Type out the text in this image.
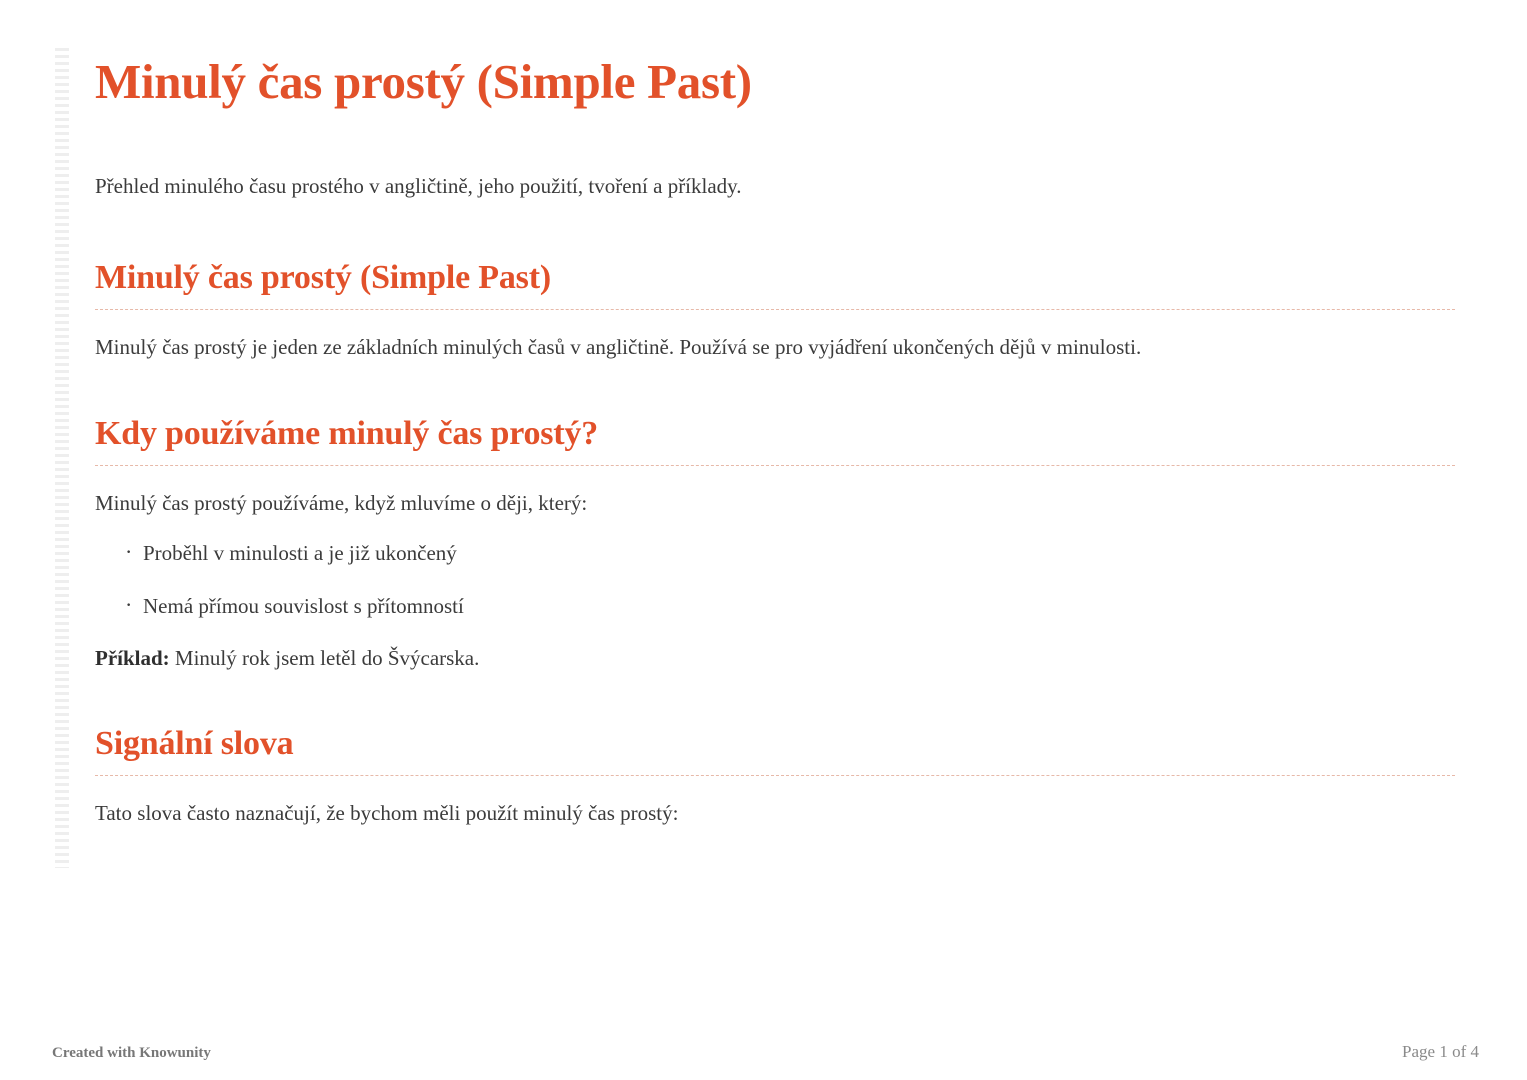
Minulý čas prostý (Simple Past)

Přehled minulého času prostého v angličtině, jeho použití, tvoření a příklady.

Minulý čas prostý (Simple Past)

Minulý čas prostý je jeden ze základních minulých časů v angličtině. Používá se pro vyjádření ukončených dějů v minulosti.

Kdy používáme minulý čas prostý?

Minulý čas prostý používáme, když mluvíme o ději, který:

· Proběhl v minulosti a je již ukončený
· Nemá přímou souvislost s přítomností

Příklad: Minulý rok jsem letěl do Švýcarska.

Signální slova

Tato slova často naznačují, že bychom měli použít minulý čas prostý:

Created with Knowunity	Page 1 of 4
